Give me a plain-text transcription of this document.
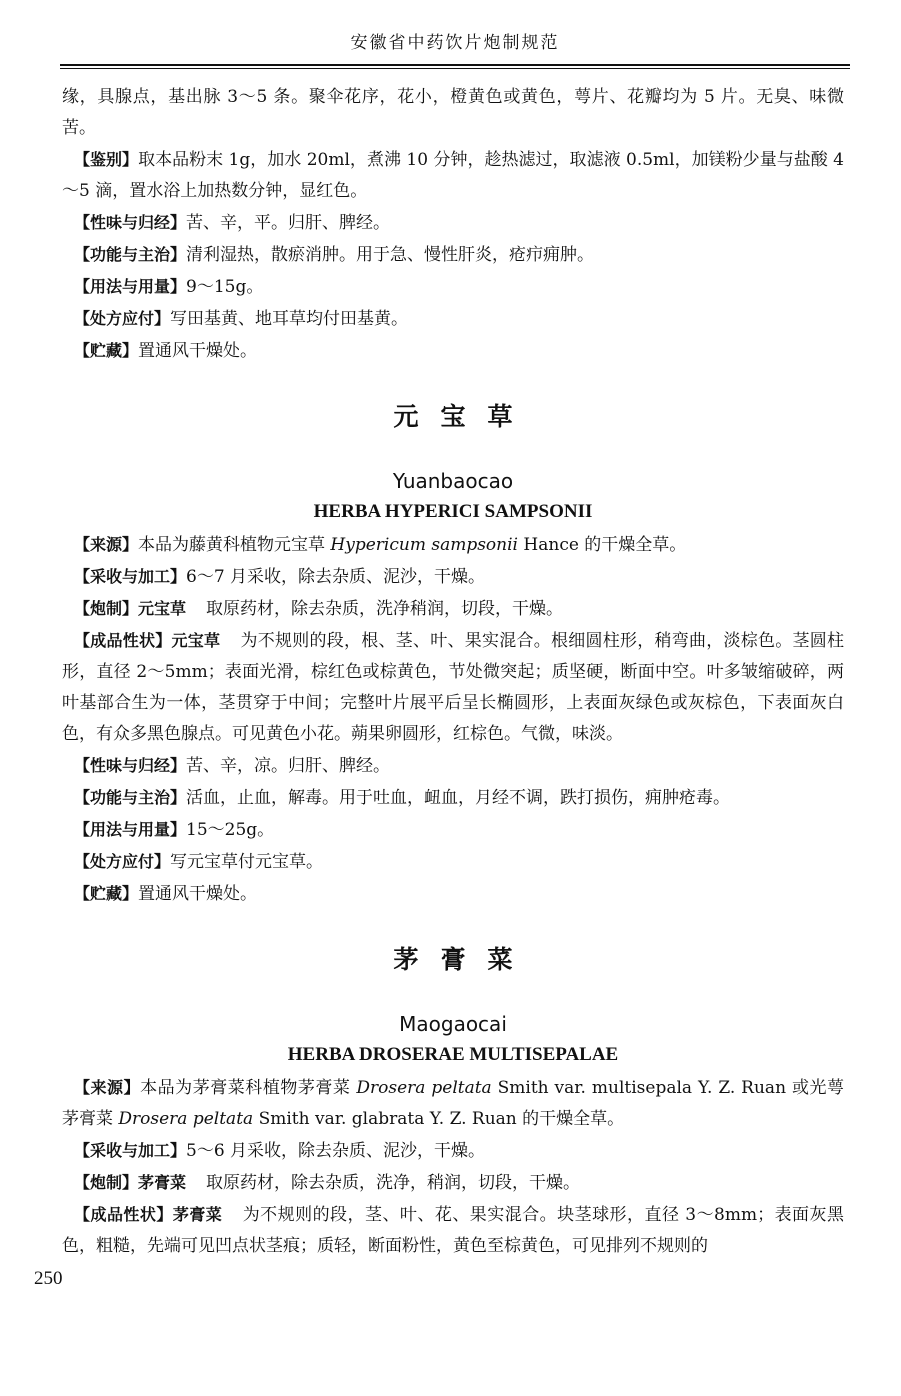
安徽省中药饮片炮制规范

缘，具腺点，基出脉 3～5 条。聚伞花序，花小，橙黄色或黄色，萼片、花瓣均为 5 片。无臭、味微苦。

【鉴别】取本品粉末 1g，加水 20ml，煮沸 10 分钟，趁热滤过，取滤液 0.5ml，加镁粉少量与盐酸 4～5 滴，置水浴上加热数分钟，显红色。

【性味与归经】苦、辛，平。归肝、脾经。

【功能与主治】清利湿热，散瘀消肿。用于急、慢性肝炎，疮疖痈肿。

【用法与用量】9～15g。

【处方应付】写田基黄、地耳草均付田基黄。

【贮藏】置通风干燥处。

元宝草

Yuanbaocao

HERBA HYPERICI SAMPSONII

【来源】本品为藤黄科植物元宝草 Hypericum sampsonii Hance 的干燥全草。

【采收与加工】6～7 月采收，除去杂质、泥沙，干燥。

【炮制】元宝草 取原药材，除去杂质，洗净稍润，切段，干燥。

【成品性状】元宝草 为不规则的段，根、茎、叶、果实混合。根细圆柱形，稍弯曲，淡棕色。茎圆柱形，直径 2～5mm；表面光滑，棕红色或棕黄色，节处微突起；质坚硬，断面中空。叶多皱缩破碎，两叶基部合生为一体，茎贯穿于中间；完整叶片展平后呈长椭圆形，上表面灰绿色或灰棕色，下表面灰白色，有众多黑色腺点。可见黄色小花。蒴果卵圆形，红棕色。气微，味淡。

【性味与归经】苦、辛，凉。归肝、脾经。

【功能与主治】活血，止血，解毒。用于吐血，衄血，月经不调，跌打损伤，痈肿疮毒。

【用法与用量】15～25g。

【处方应付】写元宝草付元宝草。

【贮藏】置通风干燥处。

茅膏菜

Maogaocai

HERBA DROSERAE MULTISEPALAE

【来源】本品为茅膏菜科植物茅膏菜 Drosera peltata Smith var. multisepala Y. Z. Ruan 或光萼茅膏菜 Drosera peltata Smith var. glabrata Y. Z. Ruan 的干燥全草。

【采收与加工】5～6 月采收，除去杂质、泥沙，干燥。

【炮制】茅膏菜 取原药材，除去杂质，洗净，稍润，切段，干燥。

【成品性状】茅膏菜 为不规则的段，茎、叶、花、果实混合。块茎球形，直径 3～8mm；表面灰黑色，粗糙，先端可见凹点状茎痕；质轻，断面粉性，黄色至棕黄色，可见排列不规则的

250
